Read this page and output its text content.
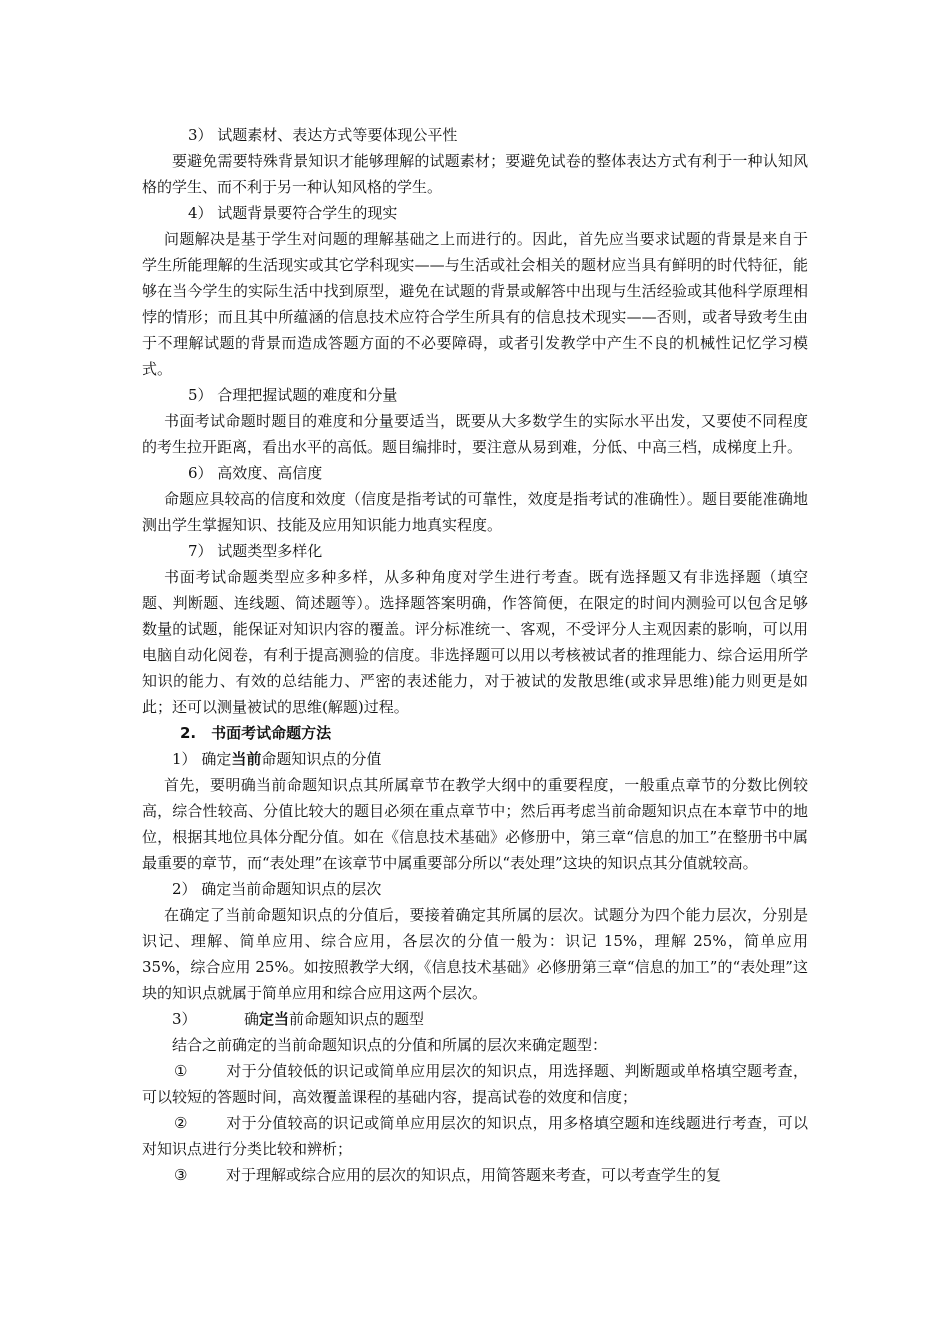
3） 试题素材、表达方式等要体现公平性

要避免需要特殊背景知识才能够理解的试题素材；要避免试卷的整体表达方式有利于一种认知风格的学生、而不利于另一种认知风格的学生。

4） 试题背景要符合学生的现实

问题解决是基于学生对问题的理解基础之上而进行的。因此，首先应当要求试题的背景是来自于学生所能理解的生活现实或其它学科现实——与生活或社会相关的题材应当具有鲜明的时代特征，能够在当今学生的实际生活中找到原型，避免在试题的背景或解答中出现与生活经验或其他科学原理相悖的情形；而且其中所蕴涵的信息技术应符合学生所具有的信息技术现实——否则，或者导致考生由于不理解试题的背景而造成答题方面的不必要障碍，或者引发教学中产生不良的机械性记忆学习模式。

5） 合理把握试题的难度和分量

书面考试命题时题目的难度和分量要适当，既要从大多数学生的实际水平出发，又要使不同程度的考生拉开距离，看出水平的高低。题目编排时，要注意从易到难，分低、中高三档，成梯度上升。

6） 高效度、高信度

命题应具较高的信度和效度（信度是指考试的可靠性，效度是指考试的准确性）。题目要能准确地测出学生掌握知识、技能及应用知识能力地真实程度。

7） 试题类型多样化

书面考试命题类型应多种多样，从多种角度对学生进行考查。既有选择题又有非选择题（填空题、判断题、连线题、简述题等）。选择题答案明确，作答简便，在限定的时间内测验可以包含足够数量的试题，能保证对知识内容的覆盖。评分标准统一、客观，不受评分人主观因素的影响，可以用电脑自动化阅卷，有利于提高测验的信度。非选择题可以用以考核被试者的推理能力、综合运用所学知识的能力、有效的总结能力、严密的表述能力，对于被试的发散思维(或求异思维)能力则更是如此；还可以测量被试的思维(解题)过程。

2.　书面考试命题方法

1） 确定当前命题知识点的分值

首先，要明确当前命题知识点其所属章节在教学大纲中的重要程度，一般重点章节的分数比例较高，综合性较高、分值比较大的题目必须在重点章节中；然后再考虑当前命题知识点在本章节中的地位，根据其地位具体分配分值。如在《信息技术基础》必修册中，第三章“信息的加工”在整册书中属最重要的章节，而“表处理”在该章节中属重要部分所以“表处理”这块的知识点其分值就较高。

2） 确定当前命题知识点的层次

在确定了当前命题知识点的分值后，要接着确定其所属的层次。试题分为四个能力层次，分别是识记、理解、简单应用、综合应用，各层次的分值一般为：识记 15%，理解 25%，简单应用 35%，综合应用 25%。如按照教学大纲，《信息技术基础》必修册第三章“信息的加工”的“表处理”这块的知识点就属于简单应用和综合应用这两个层次。

3）	确定当前命题知识点的题型

结合之前确定的当前命题知识点的分值和所属的层次来确定题型：

①	对于分值较低的识记或简单应用层次的知识点，用选择题、判断题或单格填空题考查，可以较短的答题时间，高效覆盖课程的基础内容，提高试卷的效度和信度；

②	对于分值较高的识记或简单应用层次的知识点，用多格填空题和连线题进行考查，可以对知识点进行分类比较和辨析；

③	对于理解或综合应用的层次的知识点，用简答题来考查，可以考查学生的复
